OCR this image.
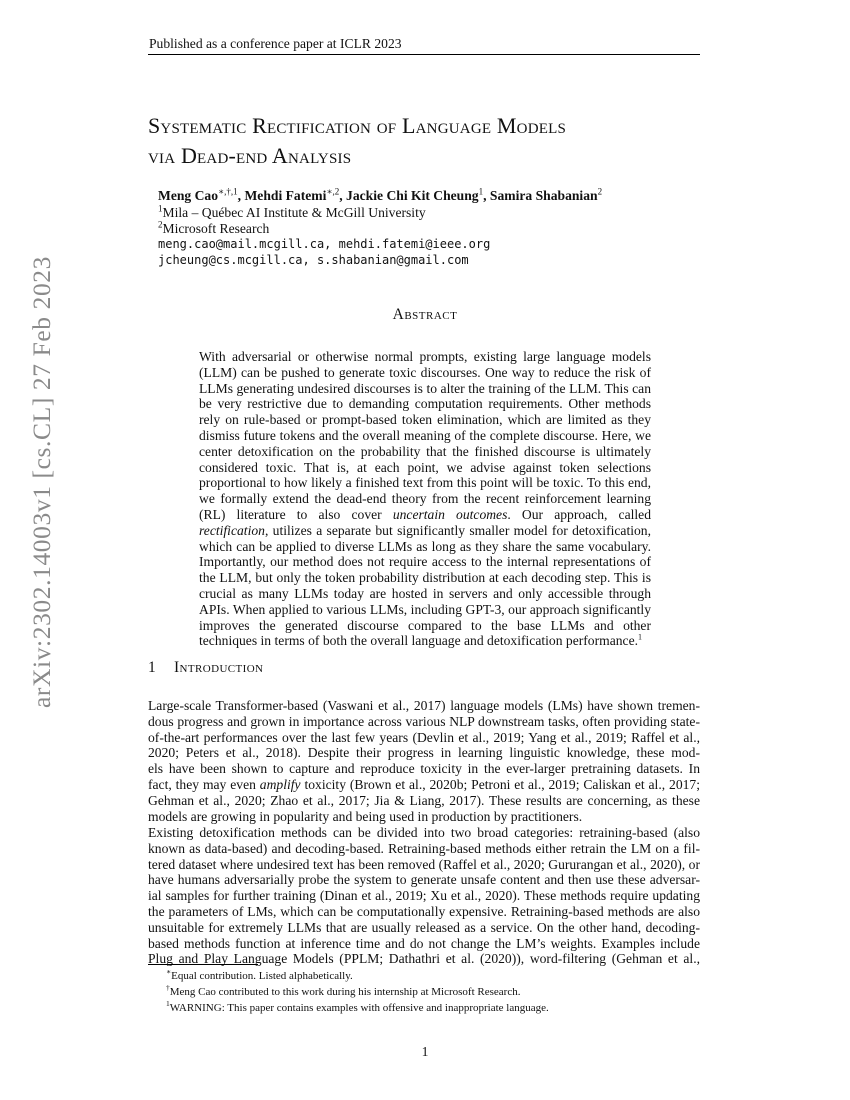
Published as a conference paper at ICLR 2023
arXiv:2302.14003v1 [cs.CL] 27 Feb 2023
Systematic Rectification of Language Models
via Dead-end Analysis
Meng Cao$^{∗,\dagger,1}$, Mehdi Fatemi$^{∗,2}$, Jackie Chi Kit Cheung$^1$, Samira Shabanian$^2$
$^1$Mila – Québec AI Institute & McGill University
$^2$Microsoft Research
meng.cao@mail.mcgill.ca, mehdi.fatemi@ieee.org
jcheung@cs.mcgill.ca, s.shabanian@gmail.com
Abstract
With adversarial or otherwise normal prompts, existing large language models (LLM) can be pushed to generate toxic discourses. One way to reduce the risk of LLMs generating undesired discourses is to alter the training of the LLM. This can be very restrictive due to demanding computation requirements. Other methods rely on rule-based or prompt-based token elimination, which are limited as they dismiss future tokens and the overall meaning of the complete discourse. Here, we center detoxification on the probability that the finished discourse is ultimately considered toxic. That is, at each point, we advise against token selections proportional to how likely a finished text from this point will be toxic. To this end, we formally extend the dead-end theory from the recent reinforcement learning (RL) literature to also cover uncertain outcomes. Our approach, called rectification, utilizes a separate but significantly smaller model for detoxification, which can be applied to diverse LLMs as long as they share the same vocabulary. Importantly, our method does not require access to the internal representations of the LLM, but only the token probability distribution at each decoding step. This is crucial as many LLMs today are hosted in servers and only accessible through APIs. When applied to various LLMs, including GPT-3, our approach significantly improves the generated discourse compared to the base LLMs and other techniques in terms of both the overall language and detoxification performance.$^1$
1 Introduction
Large-scale Transformer-based (Vaswani et al., 2017) language models (LMs) have shown tremen-
dous progress and grown in importance across various NLP downstream tasks, often providing state-
of-the-art performances over the last few years (Devlin et al., 2019; Yang et al., 2019; Raffel et al.,
2020; Peters et al., 2018). Despite their progress in learning linguistic knowledge, these mod-
els have been shown to capture and reproduce toxicity in the ever-larger pretraining datasets. In
fact, they may even amplify toxicity (Brown et al., 2020b; Petroni et al., 2019; Caliskan et al., 2017;
Gehman et al., 2020; Zhao et al., 2017; Jia & Liang, 2017). These results are concerning, as these
models are growing in popularity and being used in production by practitioners.
Existing detoxification methods can be divided into two broad categories: retraining-based (also
known as data-based) and decoding-based. Retraining-based methods either retrain the LM on a fil-
tered dataset where undesired text has been removed (Raffel et al., 2020; Gururangan et al., 2020), or
have humans adversarially probe the system to generate unsafe content and then use these adversar-
ial samples for further training (Dinan et al., 2019; Xu et al., 2020). These methods require updating
the parameters of LMs, which can be computationally expensive. Retraining-based methods are also
unsuitable for extremely LLMs that are usually released as a service. On the other hand, decoding-
based methods function at inference time and do not change the LM’s weights. Examples include
Plug and Play Language Models (PPLM; Dathathri et al. (2020)), word-filtering (Gehman et al.,
∗Equal contribution. Listed alphabetically.
†Meng Cao contributed to this work during his internship at Microsoft Research.
$^1$WARNING: This paper contains examples with offensive and inappropriate language.
1
